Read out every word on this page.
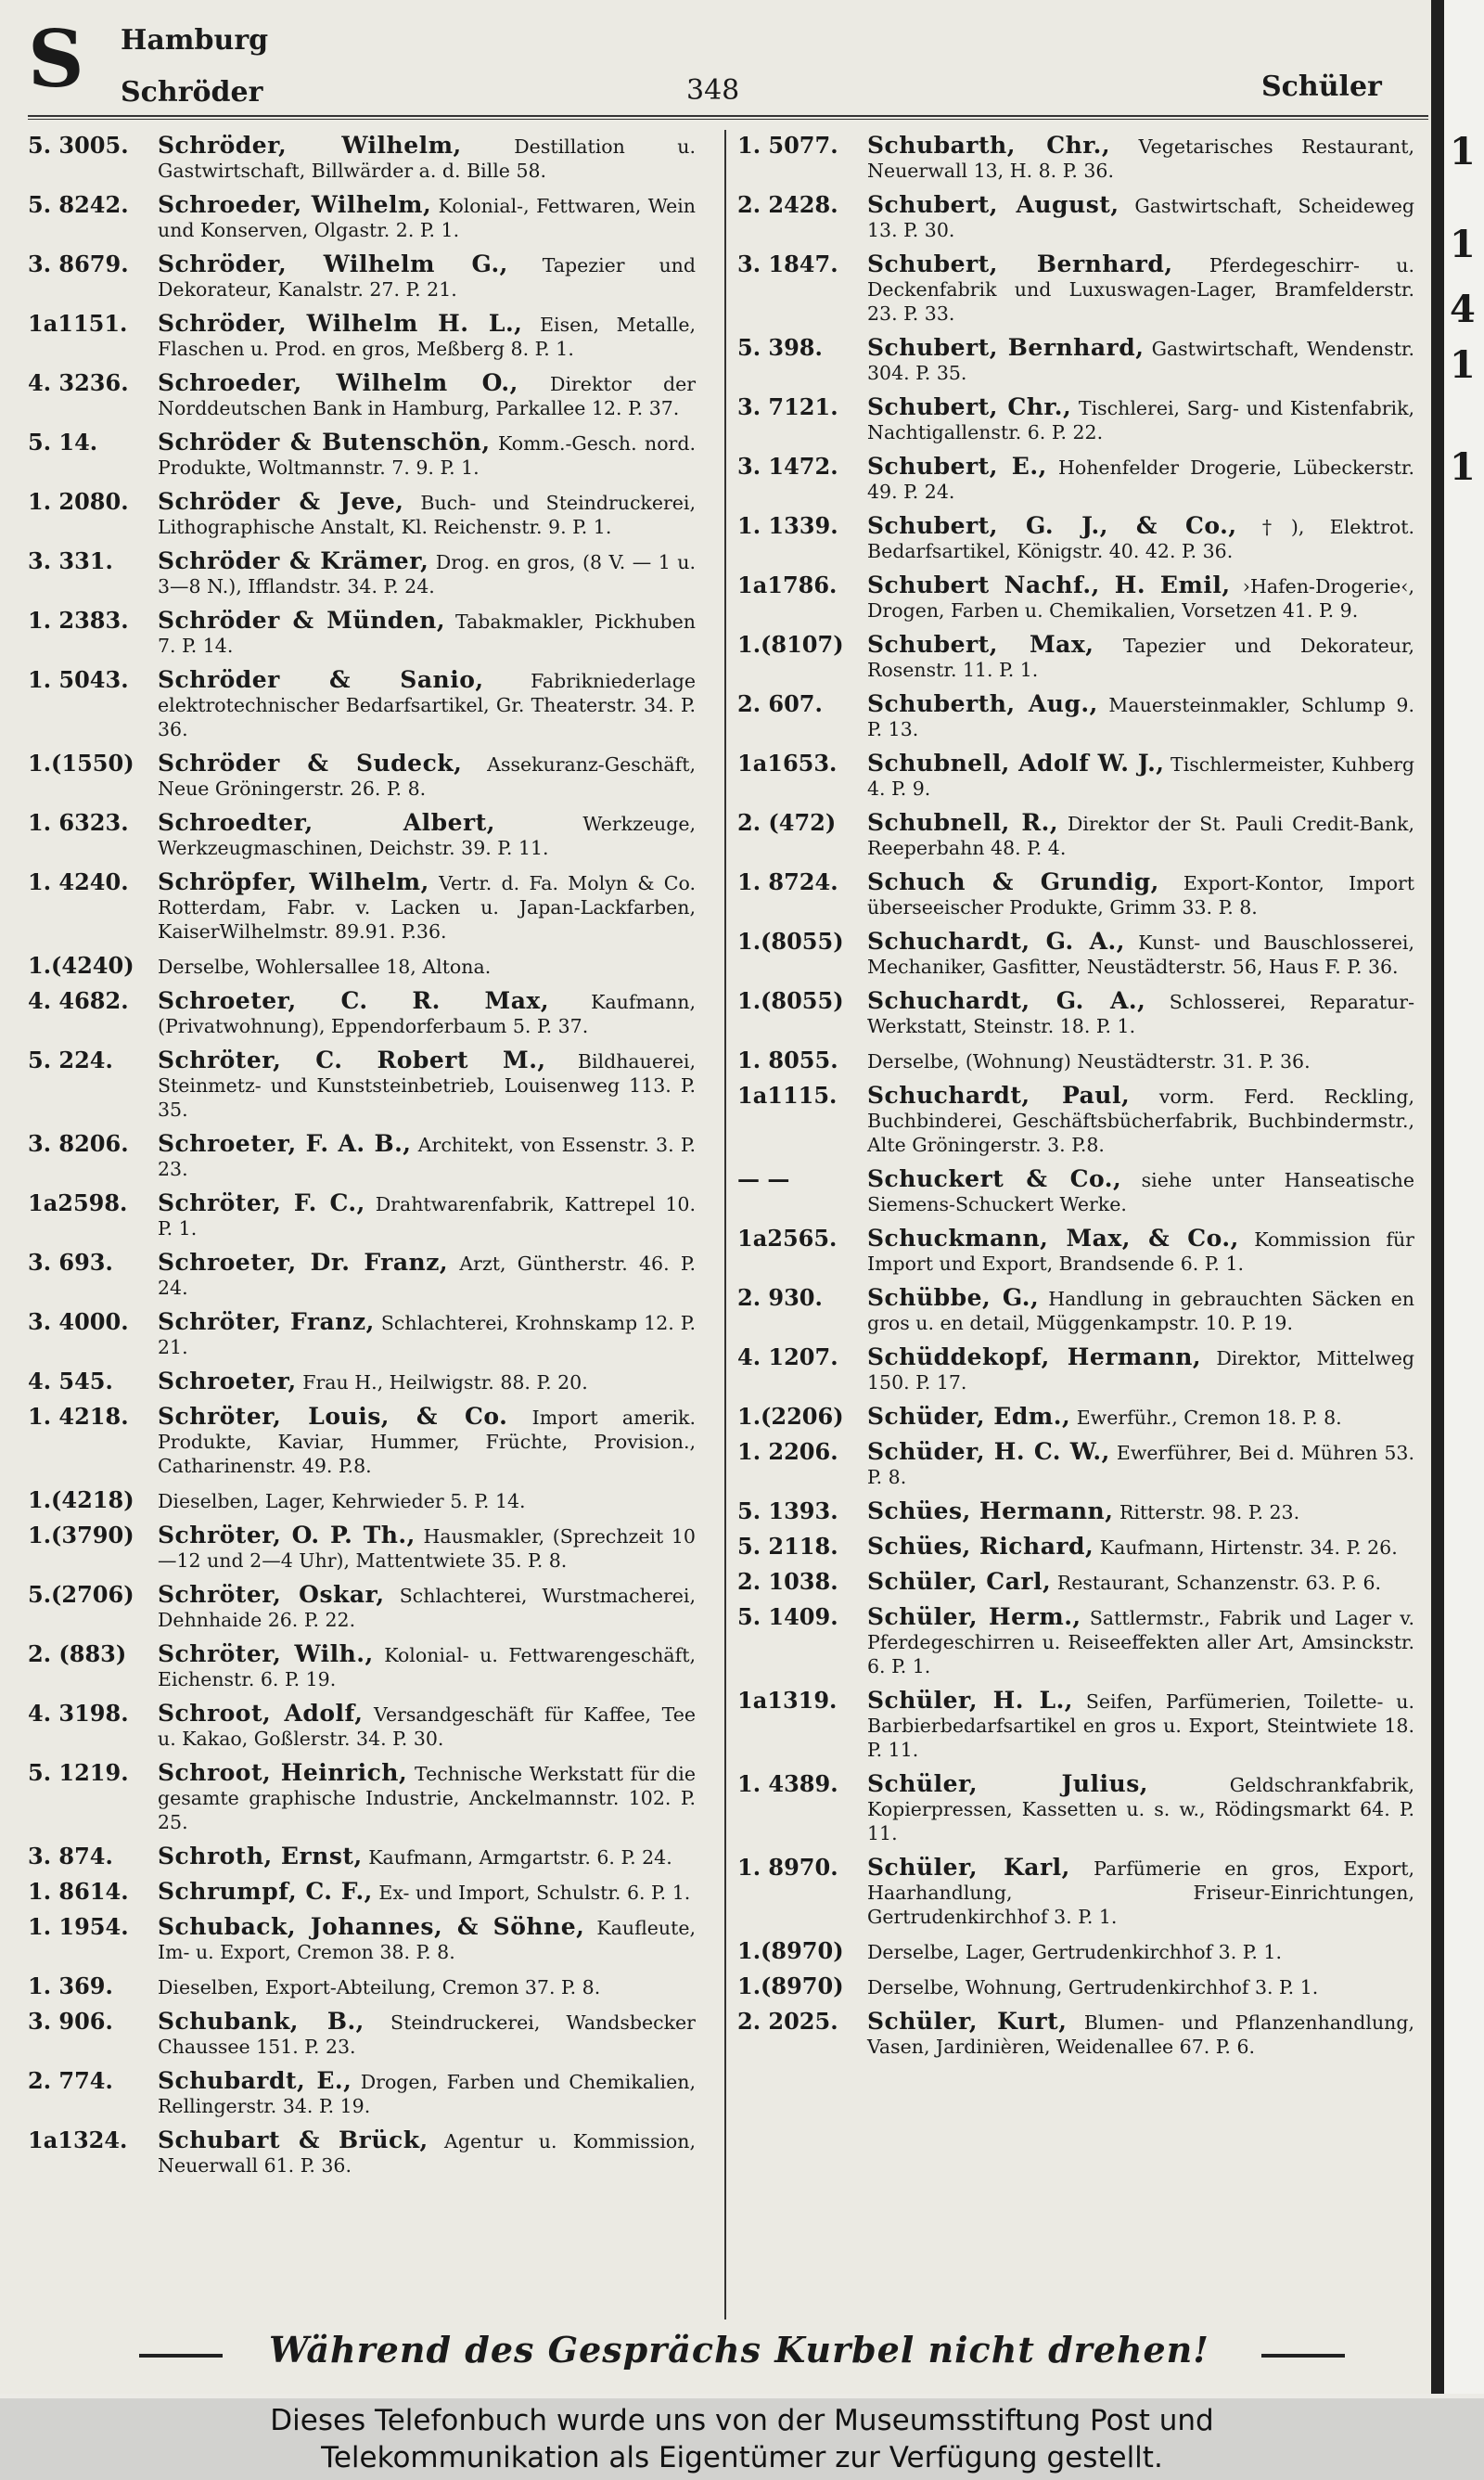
S Hamburg
Schröder	348	Schüler
5. 3005.	Schröder, Wilhelm,	Destillation u. Gastwirtschaft, Billwärder a. d. Bille 58.
5. 8242.	Schroeder, Wilhelm, Kolonial-, Fettwaren, Wein und Konserven, Olgastr. 2. P. 1.
3. 8679.	Schröder, Wilhelm G., Tapezier und Dekorateur, Kanalstr. 27. P. 21.
1a1151.	Schröder, Wilhelm H. L., Eisen, Metalle, Flaschen u. Prod. en gros, Meßberg 8. P. 1.
4. 3236.	Schroeder, Wilhelm O., Direktor der Norddeutschen Bank in Hamburg, Parkallee 12. P. 37.
5. 14.	Schröder & Butenschön, Komm.-Gesch. nord. Produkte, Woltmannstr. 7. 9. P. 1.
1. 2080.	Schröder & Jeve, Buch- und Steindruckerei, Lithographische Anstalt, Kl. Reichenstr. 9. P. 1.
3. 331.	Schröder & Krämer, Drog. en gros, (8 V. — 1 u. 3—8 N.), Ifflandstr. 34. P. 24.
1. 2383.	Schröder & Münden, Tabakmakler, Pickhuben 7. P. 14.
1. 5043.	Schröder & Sanio, Fabrikniederlage elektrotechnischer Bedarfsartikel, Gr. Theaterstr. 34. P. 36.
1.(1550)	Schröder & Sudeck, Assekuranz-Geschäft, Neue Gröningerstr. 26. P. 8.
1. 6323.	Schroedter, Albert,	Werkzeuge, Werkzeugmaschinen, Deichstr. 39. P. 11.
1. 4240.	Schröpfer, Wilhelm, Vertr. d. Fa. Molyn & Co. Rotterdam, Fabr. v. Lacken u. Japan-Lackfarben, KaiserWilhelmstr. 89.91. P.36.
1.(4240)	Derselbe, Wohlersallee 18, Altona.
4. 4682.	Schroeter, C. R. Max, Kaufmann, (Privatwohnung), Eppendorferbaum 5. P. 37.
5. 224.	Schröter, C. Robert M., Bildhauerei, Steinmetz- und Kunststeinbetrieb, Louisenweg 113. P. 35.
3. 8206.	Schroeter, F. A. B., Architekt, von Essenstr. 3. P. 23.
1a2598.	Schröter, F. C., Drahtwarenfabrik, Kattrepel 10. P. 1.
3. 693.	Schroeter, Dr. Franz, Arzt, Güntherstr. 46. P. 24.
3. 4000.	Schröter, Franz, Schlachterei, Krohnskamp 12. P. 21.
4. 545.	Schroeter, Frau H., Heilwigstr. 88. P. 20.
1. 4218.	Schröter, Louis, & Co. Import amerik. Produkte, Kaviar, Hummer, Früchte, Provision., Catharinenstr. 49. P.8.
1.(4218)	Dieselben, Lager, Kehrwieder 5. P. 14.
1.(3790)	Schröter, O. P. Th., Hausmakler, (Sprechzeit 10—12 und 2—4 Uhr), Mattentwiete 35. P. 8.
5.(2706)	Schröter, Oskar, Schlachterei, Wurstmacherei, Dehnhaide 26. P. 22.
2. (883)	Schröter, Wilh., Kolonial- u. Fettwarengeschäft, Eichenstr. 6. P. 19.
4. 3198.	Schroot, Adolf, Versandgeschäft für Kaffee, Tee u. Kakao, Goßlerstr. 34. P. 30.
5. 1219.	Schroot, Heinrich, Technische Werkstatt für die gesamte graphische Industrie, Anckelmannstr. 102. P. 25.
3. 874.	Schroth, Ernst, Kaufmann, Armgartstr. 6. P. 24.
1. 8614.	Schrumpf, C. F., Ex- und Import, Schulstr. 6. P. 1.
1. 1954.	Schuback, Johannes, & Söhne, Kaufleute, Im- u. Export, Cremon 38. P. 8.
1. 369.	Dieselben, Export-Abteilung, Cremon 37. P. 8.
3. 906.	Schubank, B., Steindruckerei, Wandsbecker Chaussee 151. P. 23.
2. 774.	Schubardt, E., Drogen, Farben und Chemikalien, Rellingerstr. 34. P. 19.
1a1324.	Schubart & Brück, Agentur u. Kommission, Neuerwall 61. P. 36.
1. 5077.	Schubarth, Chr., Vegetarisches Restaurant, Neuerwall 13, H. 8. P. 36.
2. 2428.	Schubert, August, Gastwirtschaft, Scheideweg 13. P. 30.
3. 1847.	Schubert, Bernhard, Pferdegeschirr- u. Deckenfabrik und Luxuswagen-Lager, Bramfelderstr. 23. P. 33.
5. 398.	Schubert, Bernhard, Gastwirtschaft, Wendenstr. 304. P. 35.
3. 7121.	Schubert, Chr., Tischlerei, Sarg- und Kistenfabrik, Nachtigallenstr. 6. P. 22.
3. 1472.	Schubert, E., Hohenfelder Drogerie, Lübeckerstr. 49. P. 24.
1. 1339.	Schubert, G. J., & Co., †), Elektrot. Bedarfsartikel, Königstr. 40. 42. P. 36.
1a1786.	Schubert Nachf., H. Emil, ›Hafen-Drogerie‹, Drogen, Farben u. Chemikalien, Vorsetzen 41. P. 9.
1.(8107)	Schubert, Max, Tapezier und Dekorateur, Rosenstr. 11. P. 1.
2. 607.	Schuberth, Aug., Mauersteinmakler, Schlump 9. P. 13.
1a1653.	Schubnell, Adolf W. J., Tischlermeister, Kuhberg 4. P. 9.
2. (472)	Schubnell, R., Direktor der St. Pauli Credit-Bank, Reeperbahn 48. P. 4.
1. 8724.	Schuch & Grundig, Export-Kontor, Import überseeischer Produkte, Grimm 33. P. 8.
1.(8055)	Schuchardt, G. A., Kunst- und Bauschlosserei, Mechaniker, Gasfitter, Neustädterstr. 56, Haus F. P. 36.
1.(8055)	Schuchardt, G. A., Schlosserei, Reparatur-Werkstatt, Steinstr. 18. P. 1.
1. 8055.	Derselbe, (Wohnung) Neustädterstr. 31. P. 36.
1a1115.	Schuchardt, Paul, vorm. Ferd. Reckling, Buchbinderei, Geschäftsbücherfabrik, Buchbindermstr., Alte Gröningerstr. 3. P.8.
— —	Schuckert & Co., siehe unter Hanseatische Siemens-Schuckert Werke.
1a2565.	Schuckmann, Max, & Co., Kommission für Import und Export, Brandsende 6. P. 1.
2. 930.	Schübbe, G., Handlung in gebrauchten Säcken en gros u. en detail, Müggenkampstr. 10. P. 19.
4. 1207.	Schüddekopf, Hermann, Direktor, Mittelweg 150. P. 17.
1.(2206)	Schüder, Edm., Ewerführ., Cremon 18. P. 8.
1. 2206.	Schüder, H. C. W., Ewerführer, Bei d. Mühren 53. P. 8.
5. 1393.	Schües, Hermann, Ritterstr. 98. P. 23.
5. 2118.	Schües, Richard, Kaufmann, Hirtenstr. 34. P. 26.
2. 1038.	Schüler, Carl, Restaurant, Schanzenstr. 63. P. 6.
5. 1409.	Schüler, Herm., Sattlermstr., Fabrik und Lager v. Pferdegeschirren u. Reiseeffekten aller Art, Amsinckstr. 6. P. 1.
1a1319.	Schüler, H. L., Seifen, Parfümerien, Toilette- u. Barbierbedarfsartikel en gros u. Export, Steintwiete 18. P. 11.
1. 4389.	Schüler, Julius,	Geldschrankfabrik, Kopierpressen, Kassetten u. s. w., Rödingsmarkt 64. P. 11.
1. 8970.	Schüler, Karl, Parfümerie en gros, Export, Haarhandlung, Friseur-Einrichtungen, Gertrudenkirchhof 3. P. 1.
1.(8970)	Derselbe, Lager, Gertrudenkirchhof 3. P. 1.
1.(8970)	Derselbe, Wohnung, Gertrudenkirchhof 3. P. 1.
2. 2025.	Schüler, Kurt, Blumen- und Pflanzenhandlung, Vasen, Jardinièren, Weidenallee 67. P. 6.
Während des Gesprächs Kurbel nicht drehen!
1
1
4
1
1
Dieses Telefonbuch wurde uns von der Museumsstiftung Post und
Telekommunikation als Eigentümer zur Verfügung gestellt.
